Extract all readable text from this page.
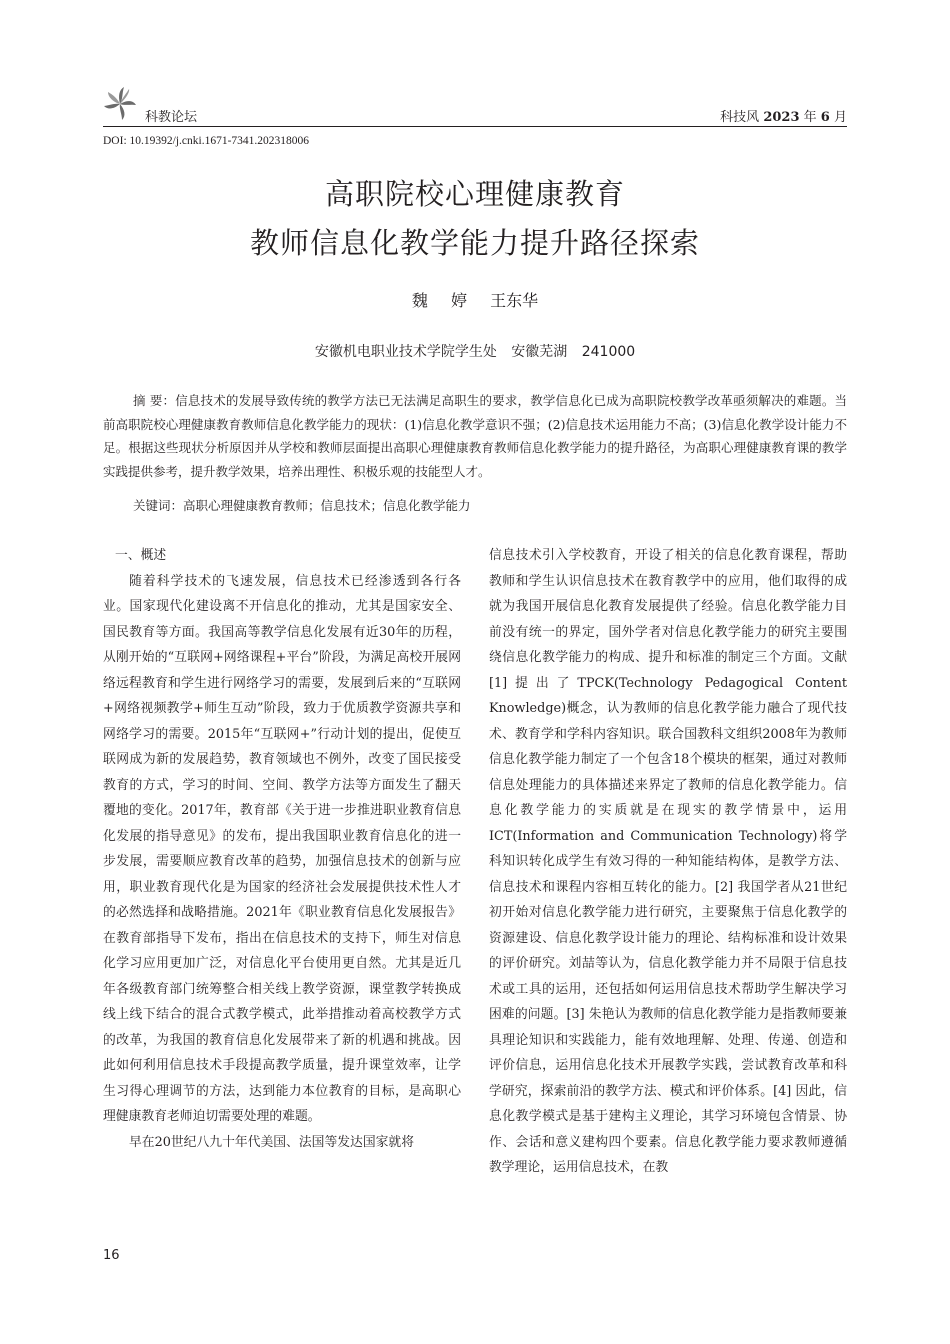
科教论坛	科技风 2023 年 6 月
DOI: 10.19392/j.cnki.1671-7341.202318006
高职院校心理健康教育
教师信息化教学能力提升路径探索
魏 婷 王东华
安徽机电职业技术学院学生处 安徽芜湖 241000

摘 要：信息技术的发展导致传统的教学方法已无法满足高职生的要求，教学信息化已成为高职院校教学改革亟须解决的难题。当前高职院校心理健康教育教师信息化教学能力的现状：(1)信息化教学意识不强；(2)信息技术运用能力不高；(3)信息化教学设计能力不足。根据这些现状分析原因并从学校和教师层面提出高职心理健康教育教师信息化教学能力的提升路径，为高职心理健康教育课的教学实践提供参考，提升教学效果，培养出理性、积极乐观的技能型人才。

关键词：高职心理健康教育教师；信息技术；信息化教学能力

一、概述

随着科学技术的飞速发展，信息技术已经渗透到各行各业。国家现代化建设离不开信息化的推动，尤其是国家安全、国民教育等方面。我国高等教学信息化发展有近30年的历程，从刚开始的“互联网+网络课程+平台”阶段，为满足高校开展网络远程教育和学生进行网络学习的需要，发展到后来的“互联网+网络视频教学+师生互动”阶段，致力于优质教学资源共享和网络学习的需要。2015年“互联网+”行动计划的提出，促使互联网成为新的发展趋势，教育领域也不例外，改变了国民接受教育的方式，学习的时间、空间、教学方法等方面发生了翻天覆地的变化。2017年，教育部《关于进一步推进职业教育信息化发展的指导意见》的发布，提出我国职业教育信息化的进一步发展，需要顺应教育改革的趋势，加强信息技术的创新与应用，职业教育现代化是为国家的经济社会发展提供技术性人才的必然选择和战略措施。2021年《职业教育信息化发展报告》在教育部指导下发布，指出在信息技术的支持下，师生对信息化学习应用更加广泛，对信息化平台使用更自然。尤其是近几年各级教育部门统筹整合相关线上教学资源，课堂教学转换成线上线下结合的混合式教学模式，此举措推动着高校教学方式的改革，为我国的教育信息化发展带来了新的机遇和挑战。因此如何利用信息技术手段提高教学质量，提升课堂效率，让学生习得心理调节的方法，达到能力本位教育的目标，是高职心理健康教育老师迫切需要处理的难题。

早在20世纪八九十年代美国、法国等发达国家就将

信息技术引入学校教育，开设了相关的信息化教育课程，帮助教师和学生认识信息技术在教育教学中的应用，他们取得的成就为我国开展信息化教育发展提供了经验。信息化教学能力目前没有统一的界定，国外学者对信息化教学能力的研究主要围绕信息化教学能力的构成、提升和标准的制定三个方面。文献[1]提出了TPCK(Technology Pedagogical Content Knowledge)概念，认为教师的信息化教学能力融合了现代技术、教育学和学科内容知识。联合国教科文组织2008年为教师信息化教学能力制定了一个包含18个模块的框架，通过对教师信息处理能力的具体描述来界定了教师的信息化教学能力。信息化教学能力的实质就是在现实的教学情景中，运用ICT(Information and Communication Technology)将学科知识转化成学生有效习得的一种知能结构体，是教学方法、信息技术和课程内容相互转化的能力。[2] 我国学者从21世纪初开始对信息化教学能力进行研究，主要聚焦于信息化教学的资源建设、信息化教学设计能力的理论、结构标准和设计效果的评价研究。刘喆等认为，信息化教学能力并不局限于信息技术或工具的运用，还包括如何运用信息技术帮助学生解决学习困难的问题。[3] 朱艳认为教师的信息化教学能力是指教师要兼具理论知识和实践能力，能有效地理解、处理、传递、创造和评价信息，运用信息化技术开展教学实践，尝试教育改革和科学研究，探索前沿的教学方法、模式和评价体系。[4] 因此，信息化教学模式是基于建构主义理论，其学习环境包含情景、协作、会话和意义建构四个要素。信息化教学能力要求教师遵循教学理论，运用信息技术，在教

16
